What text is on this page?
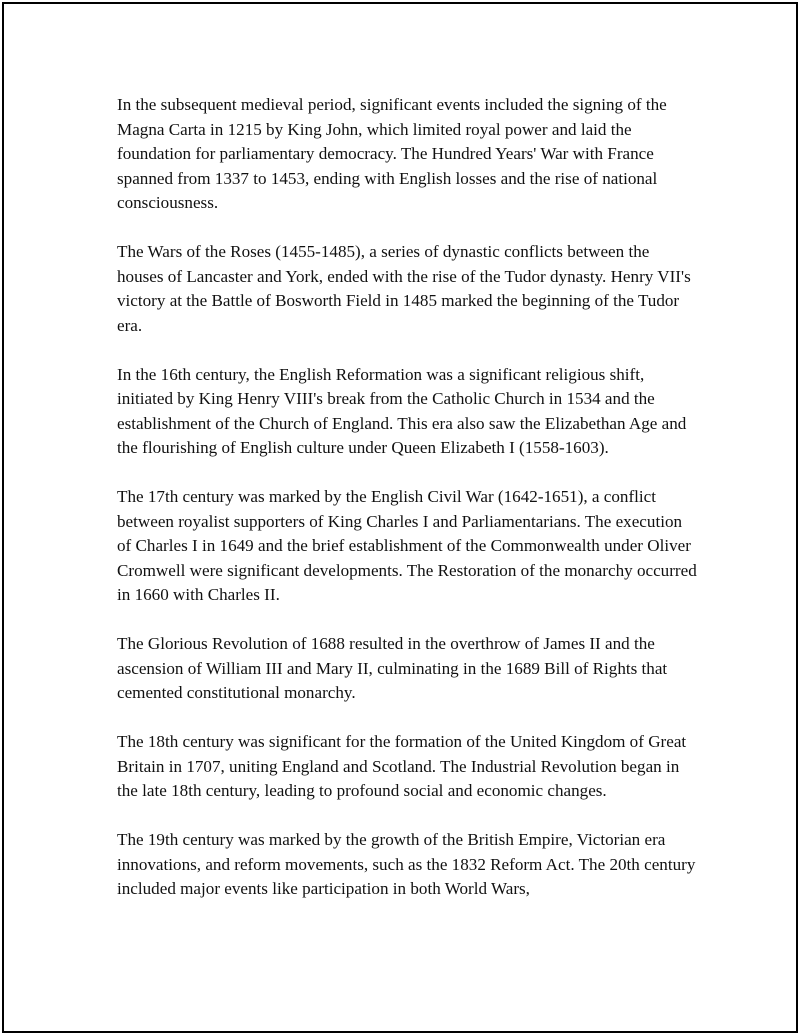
In the subsequent medieval period, significant events included the signing of the Magna Carta in 1215 by King John, which limited royal power and laid the foundation for parliamentary democracy. The Hundred Years' War with France spanned from 1337 to 1453, ending with English losses and the rise of national consciousness.

The Wars of the Roses (1455-1485), a series of dynastic conflicts between the houses of Lancaster and York, ended with the rise of the Tudor dynasty. Henry VII's victory at the Battle of Bosworth Field in 1485 marked the beginning of the Tudor era.

In the 16th century, the English Reformation was a significant religious shift, initiated by King Henry VIII's break from the Catholic Church in 1534 and the establishment of the Church of England. This era also saw the Elizabethan Age and the flourishing of English culture under Queen Elizabeth I (1558-1603).

The 17th century was marked by the English Civil War (1642-1651), a conflict between royalist supporters of King Charles I and Parliamentarians. The execution of Charles I in 1649 and the brief establishment of the Commonwealth under Oliver Cromwell were significant developments. The Restoration of the monarchy occurred in 1660 with Charles II.

The Glorious Revolution of 1688 resulted in the overthrow of James II and the ascension of William III and Mary II, culminating in the 1689 Bill of Rights that cemented constitutional monarchy.

The 18th century was significant for the formation of the United Kingdom of Great Britain in 1707, uniting England and Scotland. The Industrial Revolution began in the late 18th century, leading to profound social and economic changes.

The 19th century was marked by the growth of the British Empire, Victorian era innovations, and reform movements, such as the 1832 Reform Act. The 20th century included major events like participation in both World Wars,
